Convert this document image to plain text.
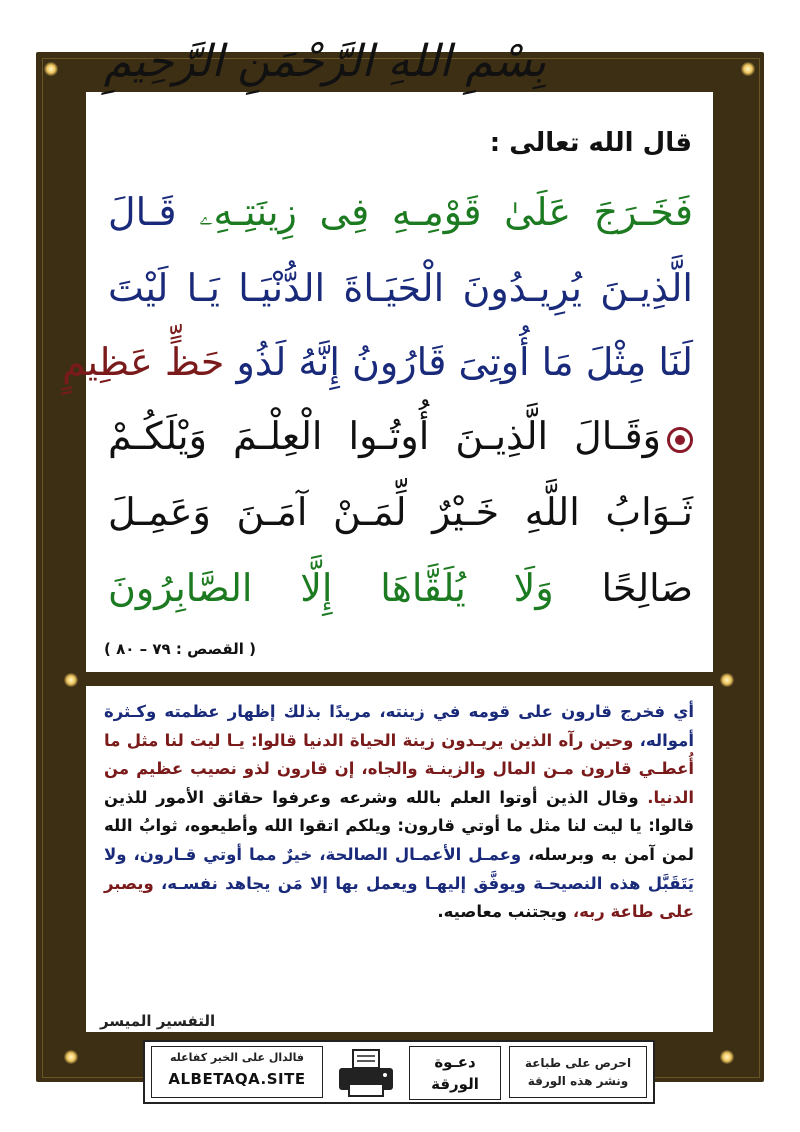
بِسْمِ اللهِ الرَّحْمَنِ الرَّحِيمِ
قال الله تعالى :
فَخَـرَجَ عَلَىٰ قَوْمِـهِ فِى زِينَتِـهِۦ قَـالَ
الَّذِيـنَ يُرِيـدُونَ الْحَيَـاةَ الدُّنْيَـا يَـا لَيْتَ
لَنَا مِثْلَ مَا أُوتِىَ قَارُونُ إِنَّهُ لَذُو حَظٍّ عَظِيمٍ
وَقَـالَ الَّذِيـنَ أُوتُـوا الْعِلْـمَ وَيْلَكُـمْ
ثَـوَابُ اللَّهِ خَـيْرٌ لِّمَـنْ آمَـنَ وَعَمِـلَ
صَالِحًا وَلَا يُلَقَّاهَا إِلَّا الصَّابِرُونَ
( القصص : ٧٩ – ٨٠ )
أي فخرج قارون على قومه في زينته، مريدًا بذلك إظهار عظمته وكـثرة أمواله، وحين رآه الذين يريـدون زينة الحياة الدنيا قالوا: يـا ليت لنا مثل ما أُعطـي قارون مـن المال والزينـة والجاه، إن قارون لذو نصيب عظيم من الدنيا. وقال الذين أوتوا العلم بالله وشرعه وعرفوا حقائق الأمور للذين قالوا: يا ليت لنا مثل ما أوتي قارون: ويلكم اتقوا الله وأطيعوه، ثوابُ الله لمن آمن به وبرسله، وعمـل الأعمـال الصالحة، خيرٌ مما أوتي قـارون، ولا يَتَقَبَّل هذه النصيحـة ويوفَّق إليهـا ويعمل بها إلا مَن يجاهد نفسـه، ويصبر على طاعة ربه، ويجتنب معاصيه.
التفسير الميسر
فالدال على الخير كفاعله
ALBETAQA.SITE
دعـوة
الورقة
احرص على طباعة
ونشر هذه الورقة
